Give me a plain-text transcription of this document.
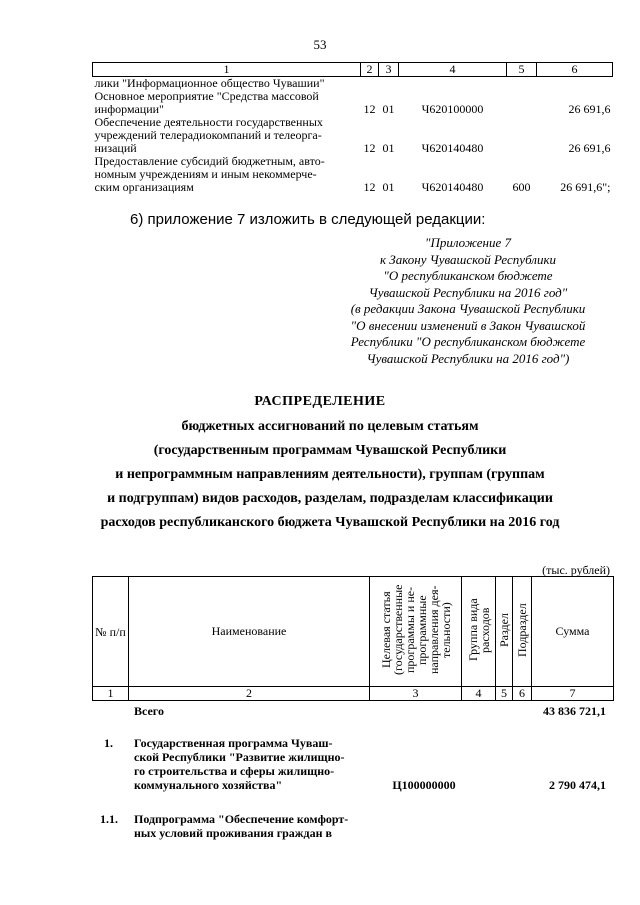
53
1	2	3	4	5	6
лики "Информационное общество Чувашии"					
Основное мероприятие "Средства массовой
информации"	12	01	Ч620100000		26 691,6
Обеспечение деятельности государственных
учреждений телерадиокомпаний и телеорга-
низаций	12	01	Ч620140480		26 691,6
Предоставление субсидий бюджетным, авто-
номным учреждениям и иным некоммерче-
ским организациям	12	01	Ч620140480	600	26 691,6";
6) приложение 7 изложить в следующей редакции:
"Приложение 7
к Закону Чувашской Республики
"О республиканском бюджете
Чувашской Республики на 2016 год"
(в редакции Закона Чувашской Республики
"О внесении изменений в Закон Чувашской
Республики "О республиканском бюджете
Чувашской Республики на 2016 год")
РАСПРЕДЕЛЕНИЕ
бюджетных ассигнований по целевым статьям
(государственным программам Чувашской Республики
и непрограммным направлениям деятельности), группам (группам
и подгруппам) видов расходов, разделам, подразделам классификации
расходов республиканского бюджета Чувашской Республики на 2016 год
(тыс. рублей)
№ п/п	Наименование	Целевая статья (государственные программы и не-программные направления дея-тельности)	Группа вида расходов	Раздел	Подраздел	Сумма
1	2	3	4	5	6	7
Всего	43 836 721,1
1. Государственная программа Чуваш-
ской Республики "Развитие жилищно-
го строительства и сферы жилищно-
коммунального хозяйства"	Ц100000000	2 790 474,1
1.1. Подпрограмма "Обеспечение комфорт-
ных условий проживания граждан в
